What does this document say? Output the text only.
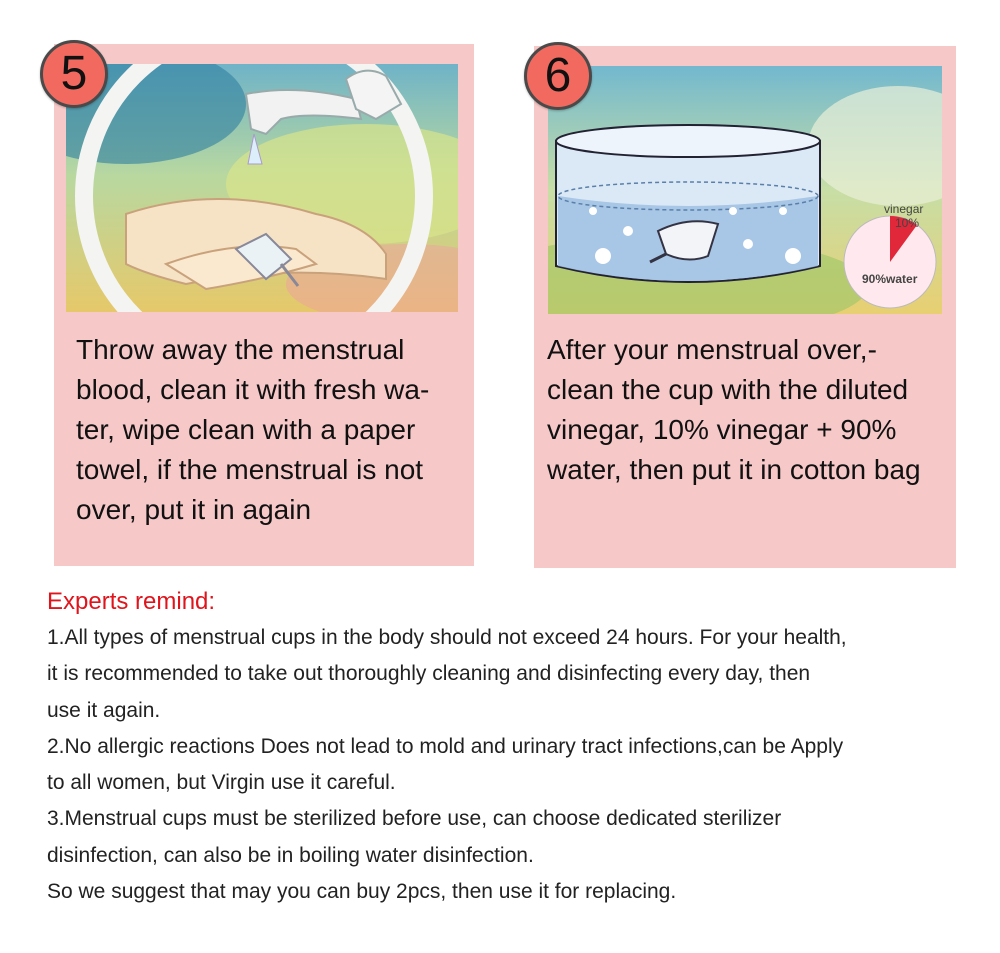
5

Throw away the menstrual
blood, clean it with fresh wa-
ter, wipe clean with a paper
towel, if the menstrual is not
over, put it in again

6
vinegar
10%
90%water

After your menstrual over,-
clean the cup with the diluted
vinegar, 10% vinegar + 90%
water, then put it in cotton bag

Experts remind:

1.All types of menstrual cups in the body should not exceed 24 hours. For your health,
it is recommended to take out thoroughly cleaning and disinfecting every day, then
use it again.
2.No allergic reactions Does not lead to mold and urinary tract infections,can be Apply
to all women, but Virgin use it careful.
3.Menstrual cups must be sterilized before use, can choose dedicated sterilizer
disinfection, can also be in boiling water disinfection.
So we suggest that may you can buy 2pcs, then use it for replacing.
